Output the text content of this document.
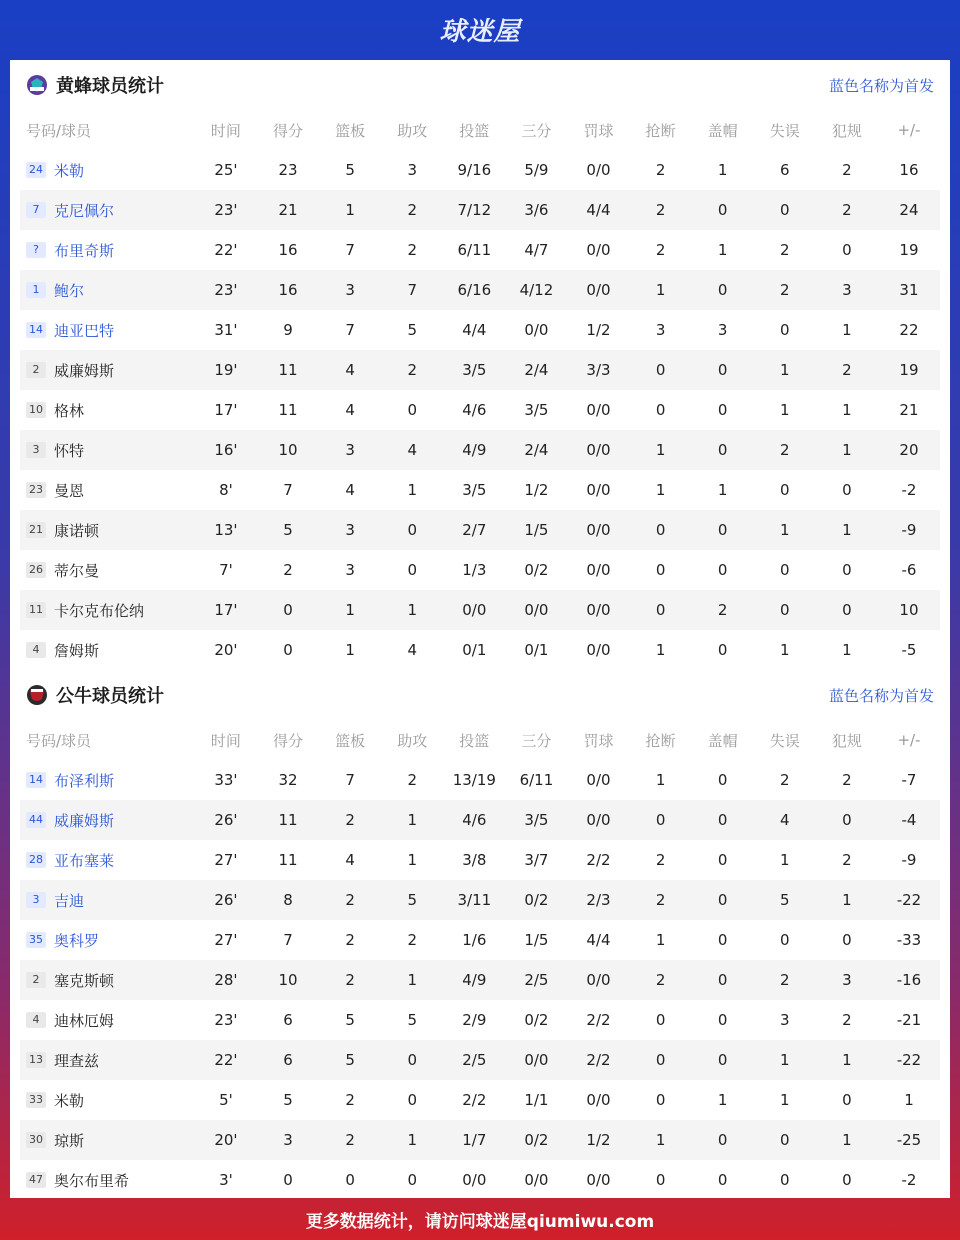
球迷屋
黄蜂球员统计	蓝色名称为首发
号码/球员	时间	得分	篮板	助攻	投篮	三分	罚球	抢断	盖帽	失误	犯规	+/-
24 米勒	25'	23	5	3	9/16	5/9	0/0	2	1	6	2	16
7 克尼佩尔	23'	21	1	2	7/12	3/6	4/4	2	0	0	2	24
?	布里奇斯	22'	16	7	2	6/11	4/7	0/0	2	1	2	0	19
1 鲍尔	23'	16	3	7	6/16	4/12	0/0	1	0	2	3	31
14 迪亚巴特	31'	9	7	5	4/4	0/0	1/2	3	3	0	1	22
2 威廉姆斯	19'	11	4	2	3/5	2/4	3/3	0	0	1	2	19
10 格林	17'	11	4	0	4/6	3/5	0/0	0	0	1	1	21
3 怀特	16'	10	3	4	4/9	2/4	0/0	1	0	2	1	20
23 曼恩	8'	7	4	1	3/5	1/2	0/0	1	1	0	0	-2
21 康诺顿	13'	5	3	0	2/7	1/5	0/0	0	0	1	1	-9
26 蒂尔曼	7'	2	3	0	1/3	0/2	0/0	0	0	0	0	-6
11 卡尔克布伦纳	17'	0	1	1	0/0	0/0	0/0	0	2	0	0	10
4 詹姆斯	20'	0	1	4	0/1	0/1	0/0	1	0	1	1	-5
公牛球员统计	蓝色名称为首发
号码/球员	时间	得分	篮板	助攻	投篮	三分	罚球	抢断	盖帽	失误	犯规	+/-
14 布泽利斯	33'	32	7	2	13/19	6/11	0/0	1	0	2	2	-7
44 威廉姆斯	26'	11	2	1	4/6	3/5	0/0	0	0	4	0	-4
28 亚布塞莱	27'	11	4	1	3/8	3/7	2/2	2	0	1	2	-9
3 吉迪	26'	8	2	5	3/11	0/2	2/3	2	0	5	1	-22
35 奥科罗	27'	7	2	2	1/6	1/5	4/4	1	0	0	0	-33
2 塞克斯顿	28'	10	2	1	4/9	2/5	0/0	2	0	2	3	-16
4 迪林厄姆	23'	6	5	5	2/9	0/2	2/2	0	0	3	2	-21
13 理查兹	22'	6	5	0	2/5	0/0	2/2	0	0	1	1	-22
33 米勒	5'	5	2	0	2/2	1/1	0/0	0	1	1	0	1
30 琼斯	20'	3	2	1	1/7	0/2	1/2	1	0	0	1	-25
47 奥尔布里希	3'	0	0	0	0/0	0/0	0/0	0	0	0	0	-2
更多数据统计，请访问球迷屋qiumiwu.com
